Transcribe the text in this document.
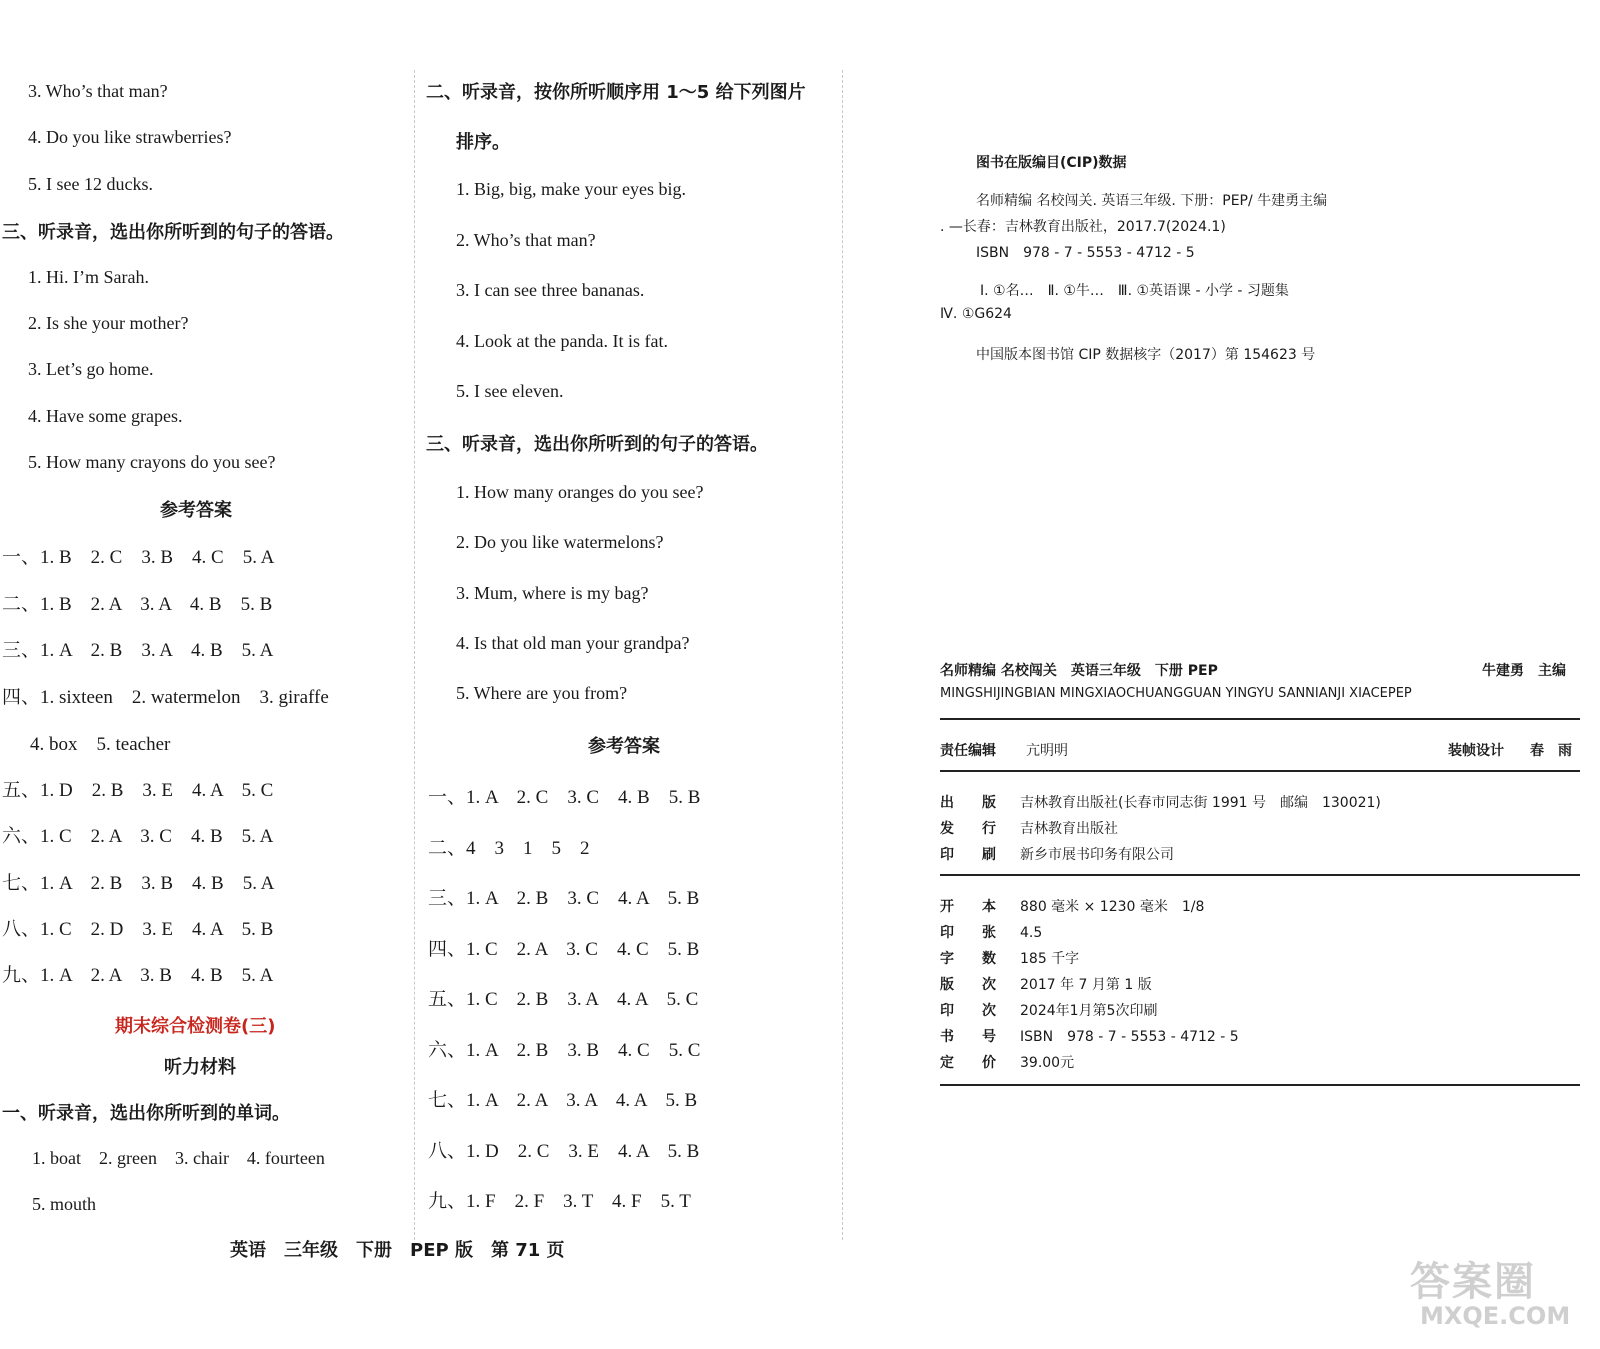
3. Who’s that man?
4. Do you like strawberries?
5. I see 12 ducks.
三、听录音，选出你所听到的句子的答语。
1. Hi. I’m Sarah.
2. Is she your mother?
3. Let’s go home.
4. Have some grapes.
5. How many crayons do you see?
参考答案
一、1. B　2. C　3. B　4. C　5. A
二、1. B　2. A　3. A　4. B　5. B
三、1. A　2. B　3. A　4. B　5. A
四、1. sixteen　2. watermelon　3. giraffe
4. box　5. teacher
五、1. D　2. B　3. E　4. A　5. C
六、1. C　2. A　3. C　4. B　5. A
七、1. A　2. B　3. B　4. B　5. A
八、1. C　2. D　3. E　4. A　5. B
九、1. A　2. A　3. B　4. B　5. A
期末综合检测卷(三)
听力材料
一、听录音，选出你所听到的单词。
1. boat　2. green　3. chair　4. fourteen
5. mouth
二、听录音，按你所听顺序用 1～5 给下列图片
排序。
1. Big, big, make your eyes big.
2. Who’s that man?
3. I can see three bananas.
4. Look at the panda. It is fat.
5. I see eleven.
三、听录音，选出你所听到的句子的答语。
1. How many oranges do you see?
2. Do you like watermelons?
3. Mum, where is my bag?
4. Is that old man your grandpa?
5. Where are you from?
参考答案
一、1. A　2. C　3. C　4. B　5. B
二、4　3　1　5　2
三、1. A　2. B　3. C　4. A　5. B
四、1. C　2. A　3. C　4. C　5. B
五、1. C　2. B　3. A　4. A　5. C
六、1. A　2. B　3. B　4. C　5. C
七、1. A　2. A　3. A　4. A　5. B
八、1. D　2. C　3. E　4. A　5. B
九、1. F　2. F　3. T　4. F　5. T
图书在版编目(CIP)数据
名师精编 名校闯关. 英语三年级. 下册：PEP/ 牛建勇主编
. —长春：吉林教育出版社，2017.7(2024.1)
ISBN　978 - 7 - 5553 - 4712 - 5
Ⅰ. ①名…　Ⅱ. ①牛…　Ⅲ. ①英语课 - 小学 - 习题集
Ⅳ. ①G624
中国版本图书馆 CIP 数据核字（2017）第 154623 号
名师精编 名校闯关　英语三年级　下册 PEP	牛建勇　主编
MINGSHIJINGBIAN MINGXIAOCHUANGGUAN YINGYU SANNIANJI XIACEPEP
责任编辑 亢明明	装帧设计 春　雨
出　　版 吉林教育出版社(长春市同志街 1991 号　邮编　130021)
发　　行 吉林教育出版社
印　　刷 新乡市展书印务有限公司
开　　本 880 毫米 × 1230 毫米　1/8
印　　张 4.5
字　　数 185 千字
版　　次 2017 年 7 月第 1 版
印　　次 2024年1月第5次印刷
书　　号 ISBN　978 - 7 - 5553 - 4712 - 5
定　　价 39.00元
英语　三年级　下册　PEP 版　第 71 页
答案圈
MXQE.COM
